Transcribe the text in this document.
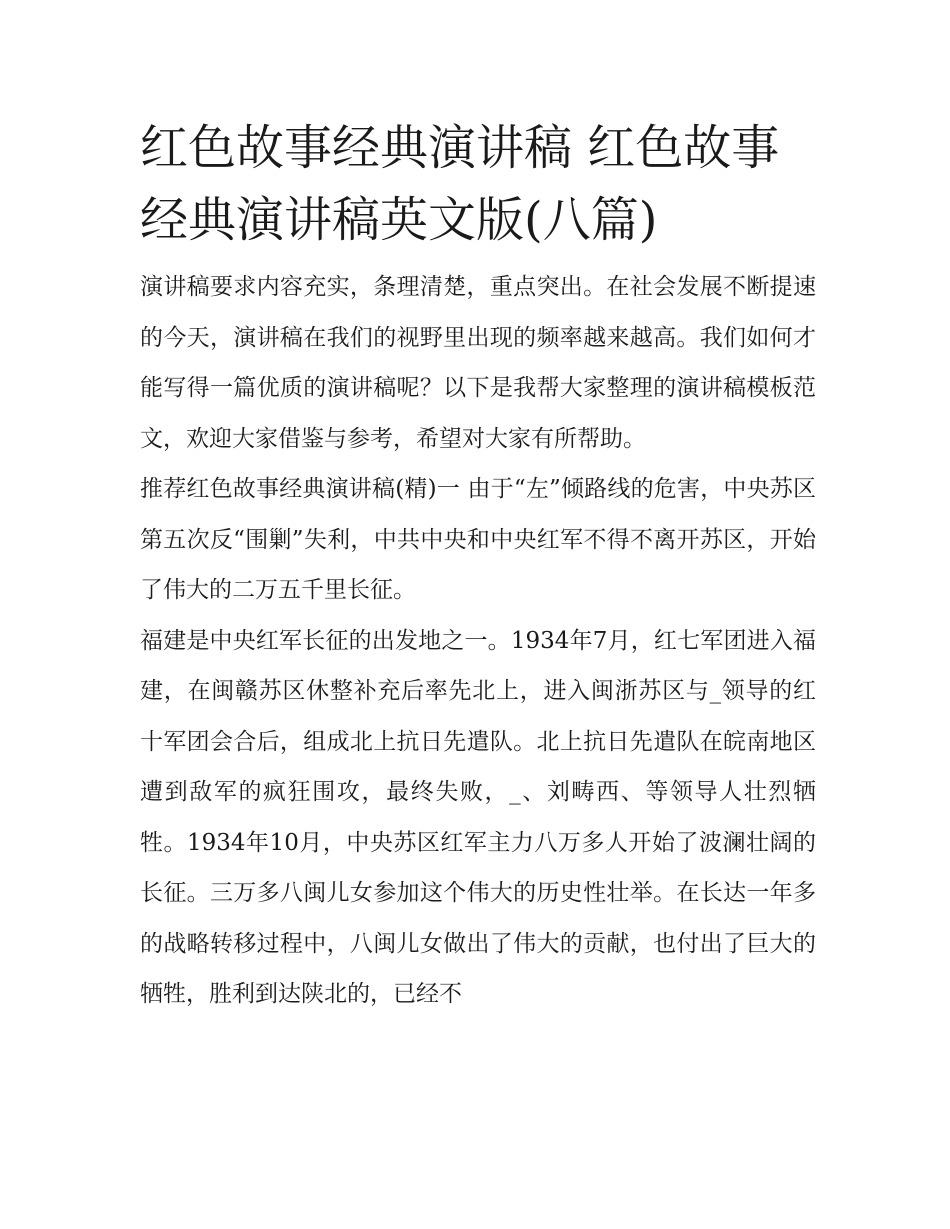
红色故事经典演讲稿 红色故事经典演讲稿英文版(八篇)

演讲稿要求内容充实，条理清楚，重点突出。在社会发展不断提速的今天，演讲稿在我们的视野里出现的频率越来越高。我们如何才能写得一篇优质的演讲稿呢？以下是我帮大家整理的演讲稿模板范文，欢迎大家借鉴与参考，希望对大家有所帮助。

推荐红色故事经典演讲稿(精)一 由于“左”倾路线的危害，中央苏区第五次反“围剿”失利，中共中央和中央红军不得不离开苏区，开始了伟大的二万五千里长征。

福建是中央红军长征的出发地之一。1934年7月，红七军团进入福建，在闽赣苏区休整补充后率先北上，进入闽浙苏区与_领导的红十军团会合后，组成北上抗日先遣队。北上抗日先遣队在皖南地区遭到敌军的疯狂围攻，最终失败，_、刘畴西、等领导人壮烈牺牲。1934年10月，中央苏区红军主力八万多人开始了波澜壮阔的长征。三万多八闽儿女参加这个伟大的历史性壮举。在长达一年多的战略转移过程中，八闽儿女做出了伟大的贡献，也付出了巨大的牺牲，胜利到达陕北的，已经不
